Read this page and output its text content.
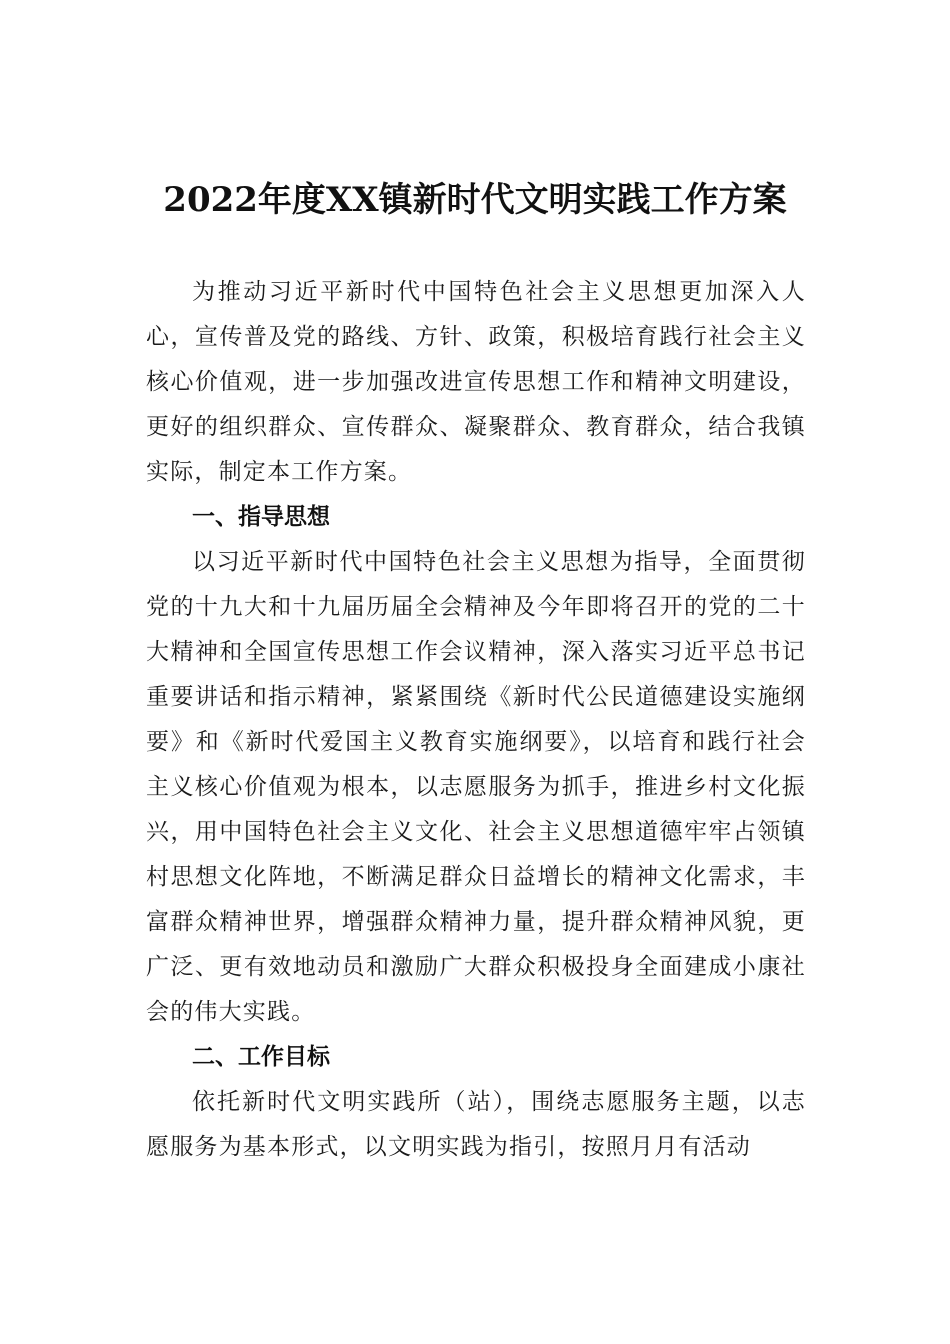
2022年度XX镇新时代文明实践工作方案

为推动习近平新时代中国特色社会主义思想更加深入人心，宣传普及党的路线、方针、政策，积极培育践行社会主义核心价值观，进一步加强改进宣传思想工作和精神文明建设，更好的组织群众、宣传群众、凝聚群众、教育群众，结合我镇实际，制定本工作方案。

一、指导思想

以习近平新时代中国特色社会主义思想为指导，全面贯彻党的十九大和十九届历届全会精神及今年即将召开的党的二十大精神和全国宣传思想工作会议精神，深入落实习近平总书记重要讲话和指示精神，紧紧围绕《新时代公民道德建设实施纲要》和《新时代爱国主义教育实施纲要》，以培育和践行社会主义核心价值观为根本，以志愿服务为抓手，推进乡村文化振兴，用中国特色社会主义文化、社会主义思想道德牢牢占领镇村思想文化阵地，不断满足群众日益增长的精神文化需求，丰富群众精神世界，增强群众精神力量，提升群众精神风貌，更广泛、更有效地动员和激励广大群众积极投身全面建成小康社会的伟大实践。

二、工作目标

依托新时代文明实践所（站），围绕志愿服务主题，以志愿服务为基本形式，以文明实践为指引，按照月月有活动
